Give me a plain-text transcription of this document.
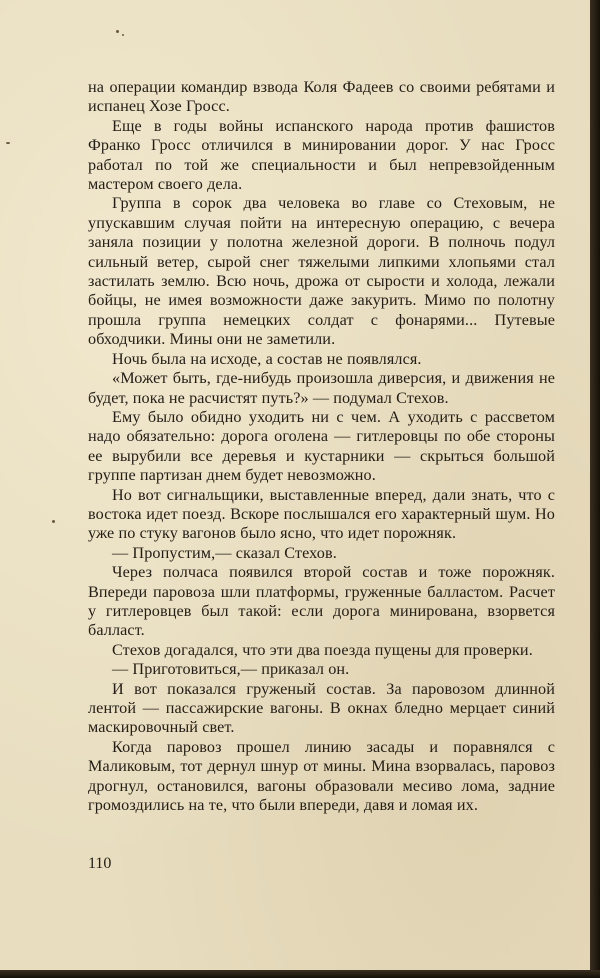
на операции командир взвода Коля Фадеев со своими ребятами и испанец Хозе Гросс.

Еще в годы войны испанского народа против фашистов Франко Гросс отличился в минировании дорог. У нас Гросс работал по той же специальности и был непревзойденным мастером своего дела.

Группа в сорок два человека во главе со Стеховым, не упускавшим случая пойти на интересную операцию, с вечера заняла позиции у полотна железной дороги. В полночь подул сильный ветер, сырой снег тяжелыми липкими хлопьями стал застилать землю. Всю ночь, дрожа от сырости и холода, лежали бойцы, не имея возможности даже закурить. Мимо по полотну прошла группа немецких солдат с фонарями... Путевые обходчики. Мины они не заметили.

Ночь была на исходе, а состав не появлялся.

«Может быть, где-нибудь произошла диверсия, и движения не будет, пока не расчистят путь?» — подумал Стехов.

Ему было обидно уходить ни с чем. А уходить с рассветом надо обязательно: дорога оголена — гитлеровцы по обе стороны ее вырубили все деревья и кустарники — скрыться большой группе партизан днем будет невозможно.

Но вот сигнальщики, выставленные вперед, дали знать, что с востока идет поезд. Вскоре послышался его характерный шум. Но уже по стуку вагонов было ясно, что идет порожняк.

— Пропустим,— сказал Стехов.

Через полчаса появился второй состав и тоже порожняк. Впереди паровоза шли платформы, груженные балластом. Расчет у гитлеровцев был такой: если дорога минирована, взорвется балласт.

Стехов догадался, что эти два поезда пущены для проверки.

— Приготовиться,— приказал он.

И вот показался груженый состав. За паровозом длинной лентой — пассажирские вагоны. В окнах бледно мерцает синий маскировочный свет.

Когда паровоз прошел линию засады и поравнялся с Маликовым, тот дернул шнур от мины. Мина взорвалась, паровоз дрогнул, остановился, вагоны образовали месиво лома, задние громоздились на те, что были впереди, давя и ломая их.

110
